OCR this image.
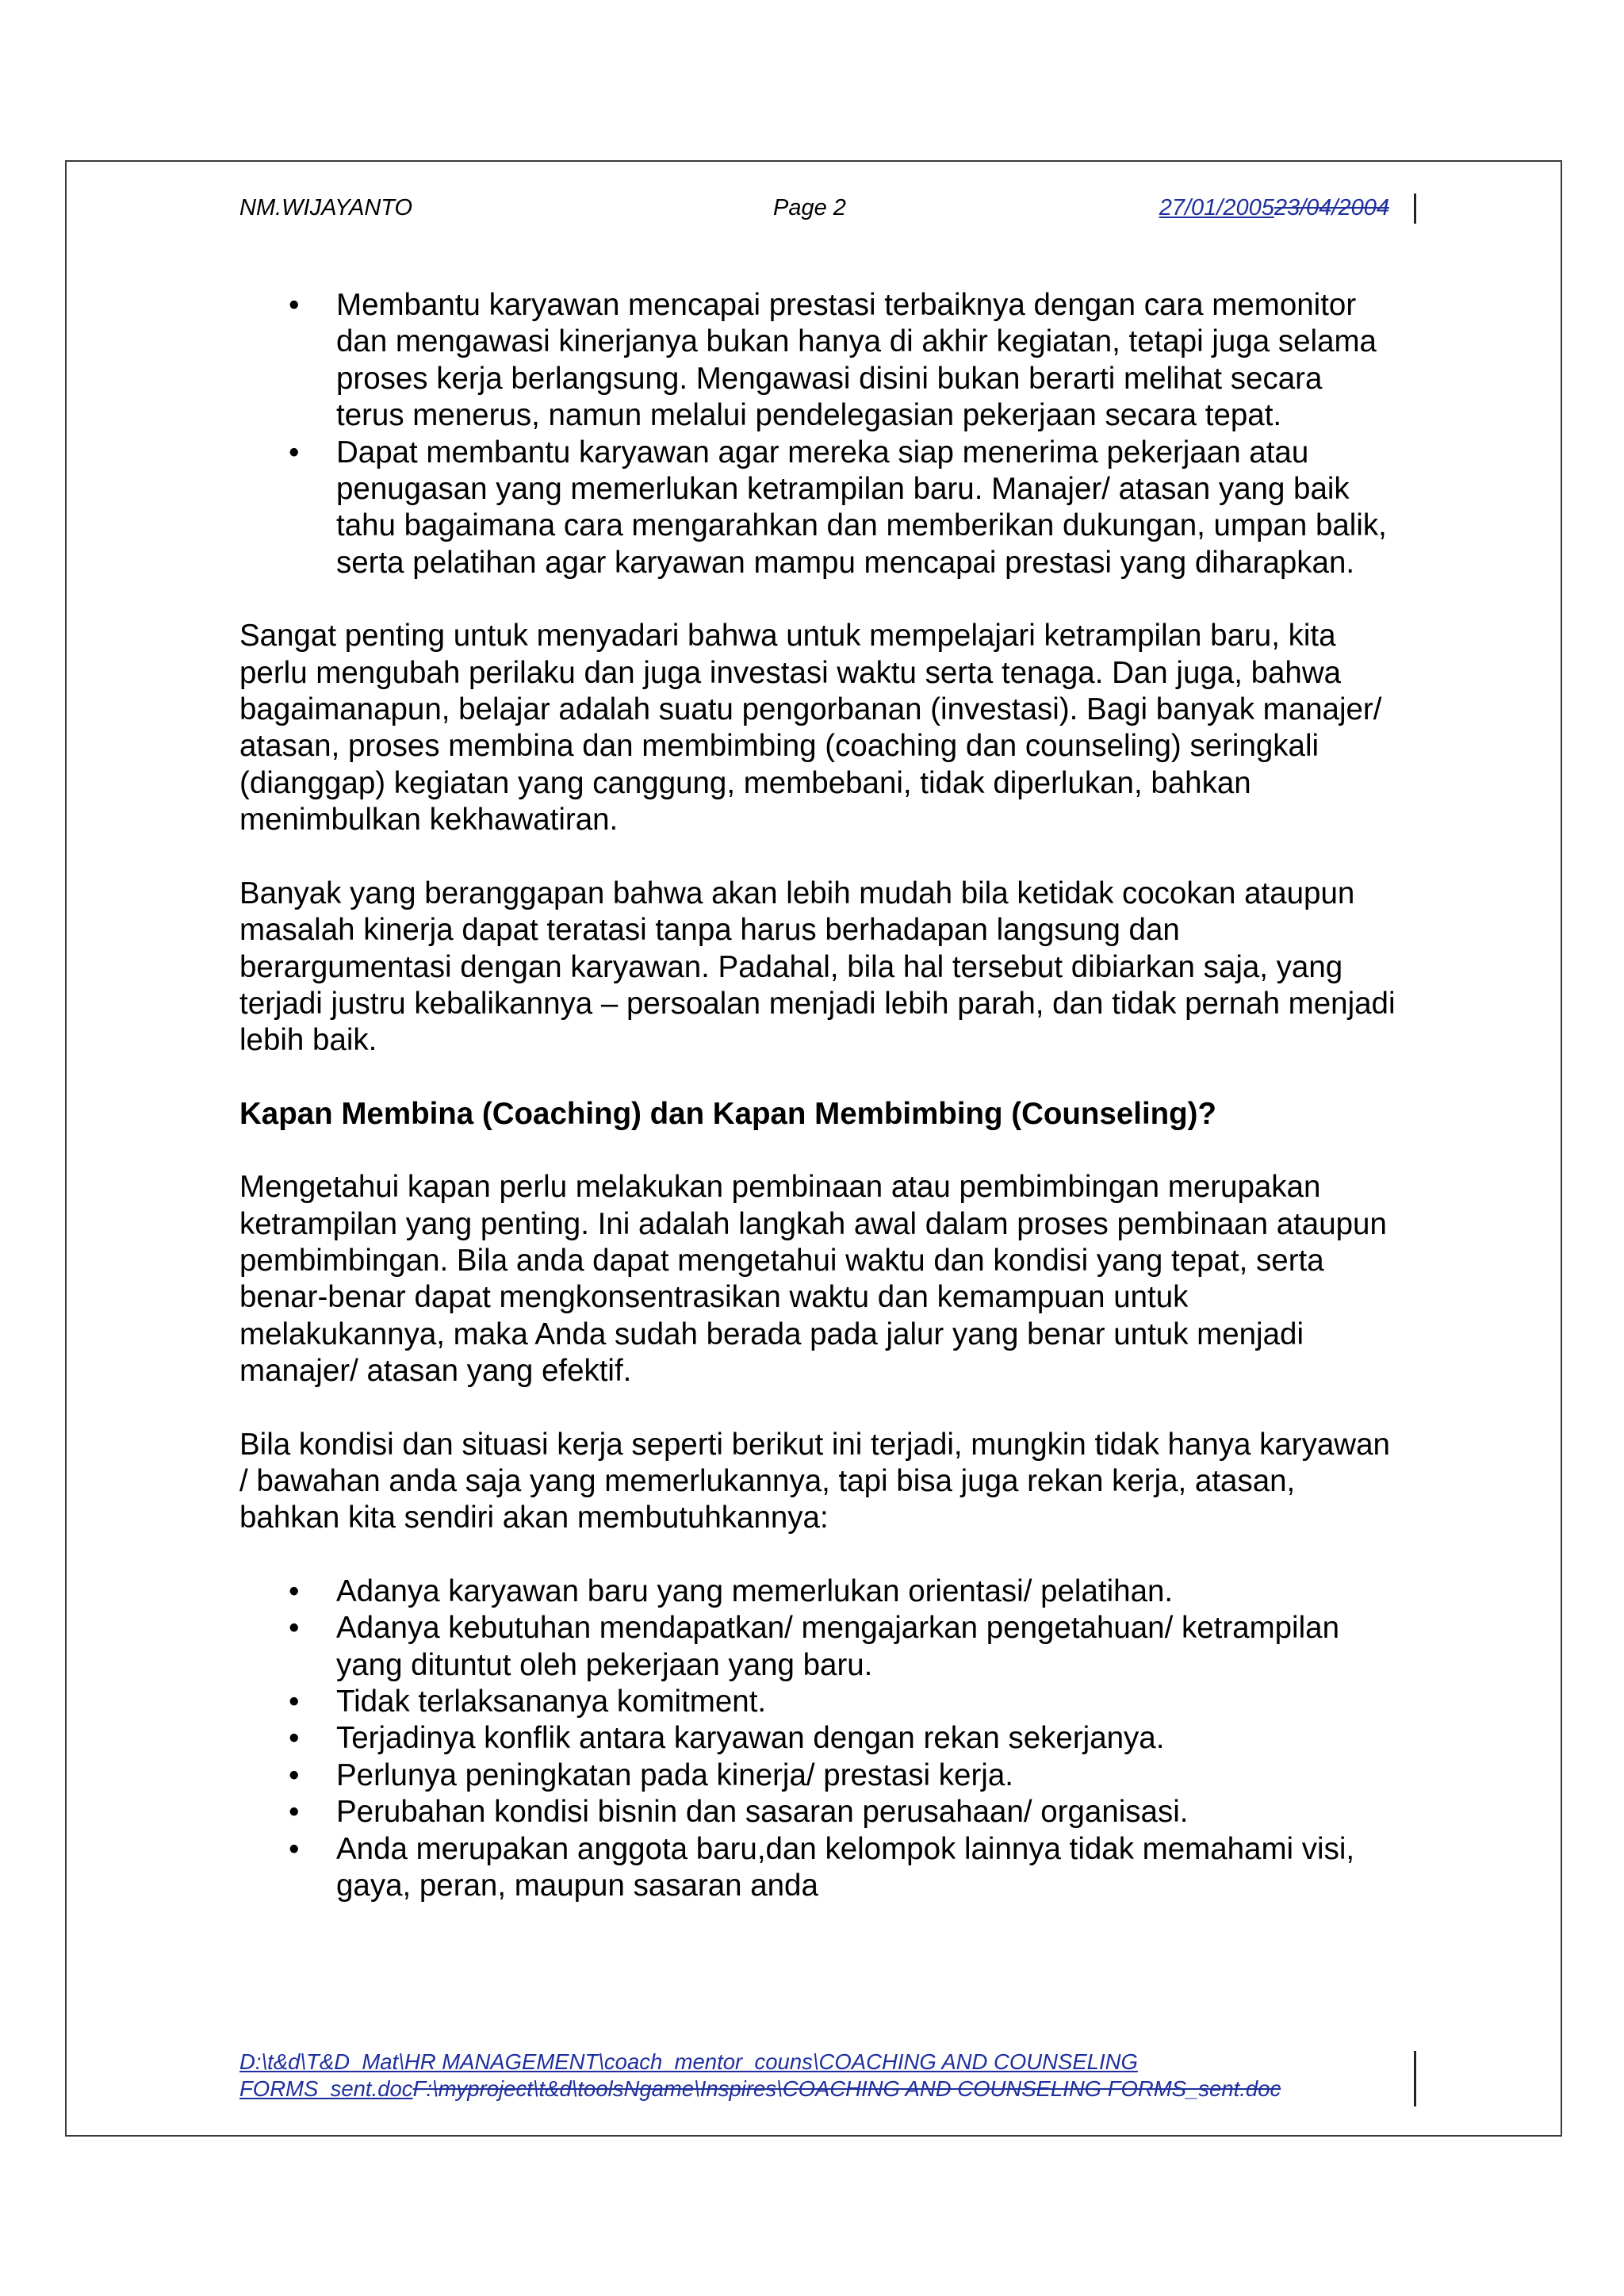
NM.WIJAYANTO	Page 2	27/01/200523/04/2004
• Membantu karyawan mencapai prestasi terbaiknya dengan cara memonitor dan mengawasi kinerjanya bukan hanya di akhir kegiatan, tetapi juga selama proses kerja berlangsung. Mengawasi disini bukan berarti melihat secara terus menerus, namun melalui pendelegasian pekerjaan secara tepat.
• Dapat membantu karyawan agar mereka siap menerima pekerjaan atau penugasan yang memerlukan ketrampilan baru. Manajer/ atasan yang baik tahu bagaimana cara mengarahkan dan memberikan dukungan, umpan balik, serta pelatihan agar karyawan mampu mencapai prestasi yang diharapkan.

Sangat penting untuk menyadari bahwa untuk mempelajari ketrampilan baru, kita perlu mengubah perilaku dan juga investasi waktu serta tenaga. Dan juga, bahwa bagaimanapun, belajar adalah suatu pengorbanan (investasi). Bagi banyak manajer/ atasan, proses membina dan membimbing (coaching dan counseling) seringkali (dianggap) kegiatan yang canggung, membebani, tidak diperlukan, bahkan menimbulkan kekhawatiran.

Banyak yang beranggapan bahwa akan lebih mudah bila ketidak cocokan ataupun masalah kinerja dapat teratasi tanpa harus berhadapan langsung dan berargumentasi dengan karyawan. Padahal, bila hal tersebut dibiarkan saja, yang terjadi justru kebalikannya – persoalan menjadi lebih parah, dan tidak pernah menjadi lebih baik.

Kapan Membina (Coaching) dan Kapan Membimbing (Counseling)?

Mengetahui kapan perlu melakukan pembinaan atau pembimbingan merupakan ketrampilan yang penting. Ini adalah langkah awal dalam proses pembinaan ataupun pembimbingan. Bila anda dapat mengetahui waktu dan kondisi yang tepat, serta benar-benar dapat mengkonsentrasikan waktu dan kemampuan untuk melakukannya, maka Anda sudah berada pada jalur yang benar untuk menjadi manajer/ atasan yang efektif.

Bila kondisi dan situasi kerja seperti berikut ini terjadi, mungkin tidak hanya karyawan / bawahan anda saja yang memerlukannya, tapi bisa juga rekan kerja, atasan, bahkan kita sendiri akan membutuhkannya:

• Adanya karyawan baru yang memerlukan orientasi/ pelatihan.
• Adanya kebutuhan mendapatkan/ mengajarkan pengetahuan/ ketrampilan yang dituntut oleh pekerjaan yang baru.
• Tidak terlaksananya komitment.
• Terjadinya konflik antara karyawan dengan rekan sekerjanya.
• Perlunya peningkatan pada kinerja/ prestasi kerja.
• Perubahan kondisi bisnin dan sasaran perusahaan/ organisasi.
• Anda merupakan anggota baru,dan kelompok lainnya tidak memahami visi, gaya, peran, maupun sasaran anda
D:\t&d\T&D_Mat\HR MANAGEMENT\coach_mentor_couns\COACHING AND COUNSELING FORMS_sent.docF:\myproject\t&d\toolsNgame\Inspires\COACHING AND COUNSELING FORMS_sent.doc
